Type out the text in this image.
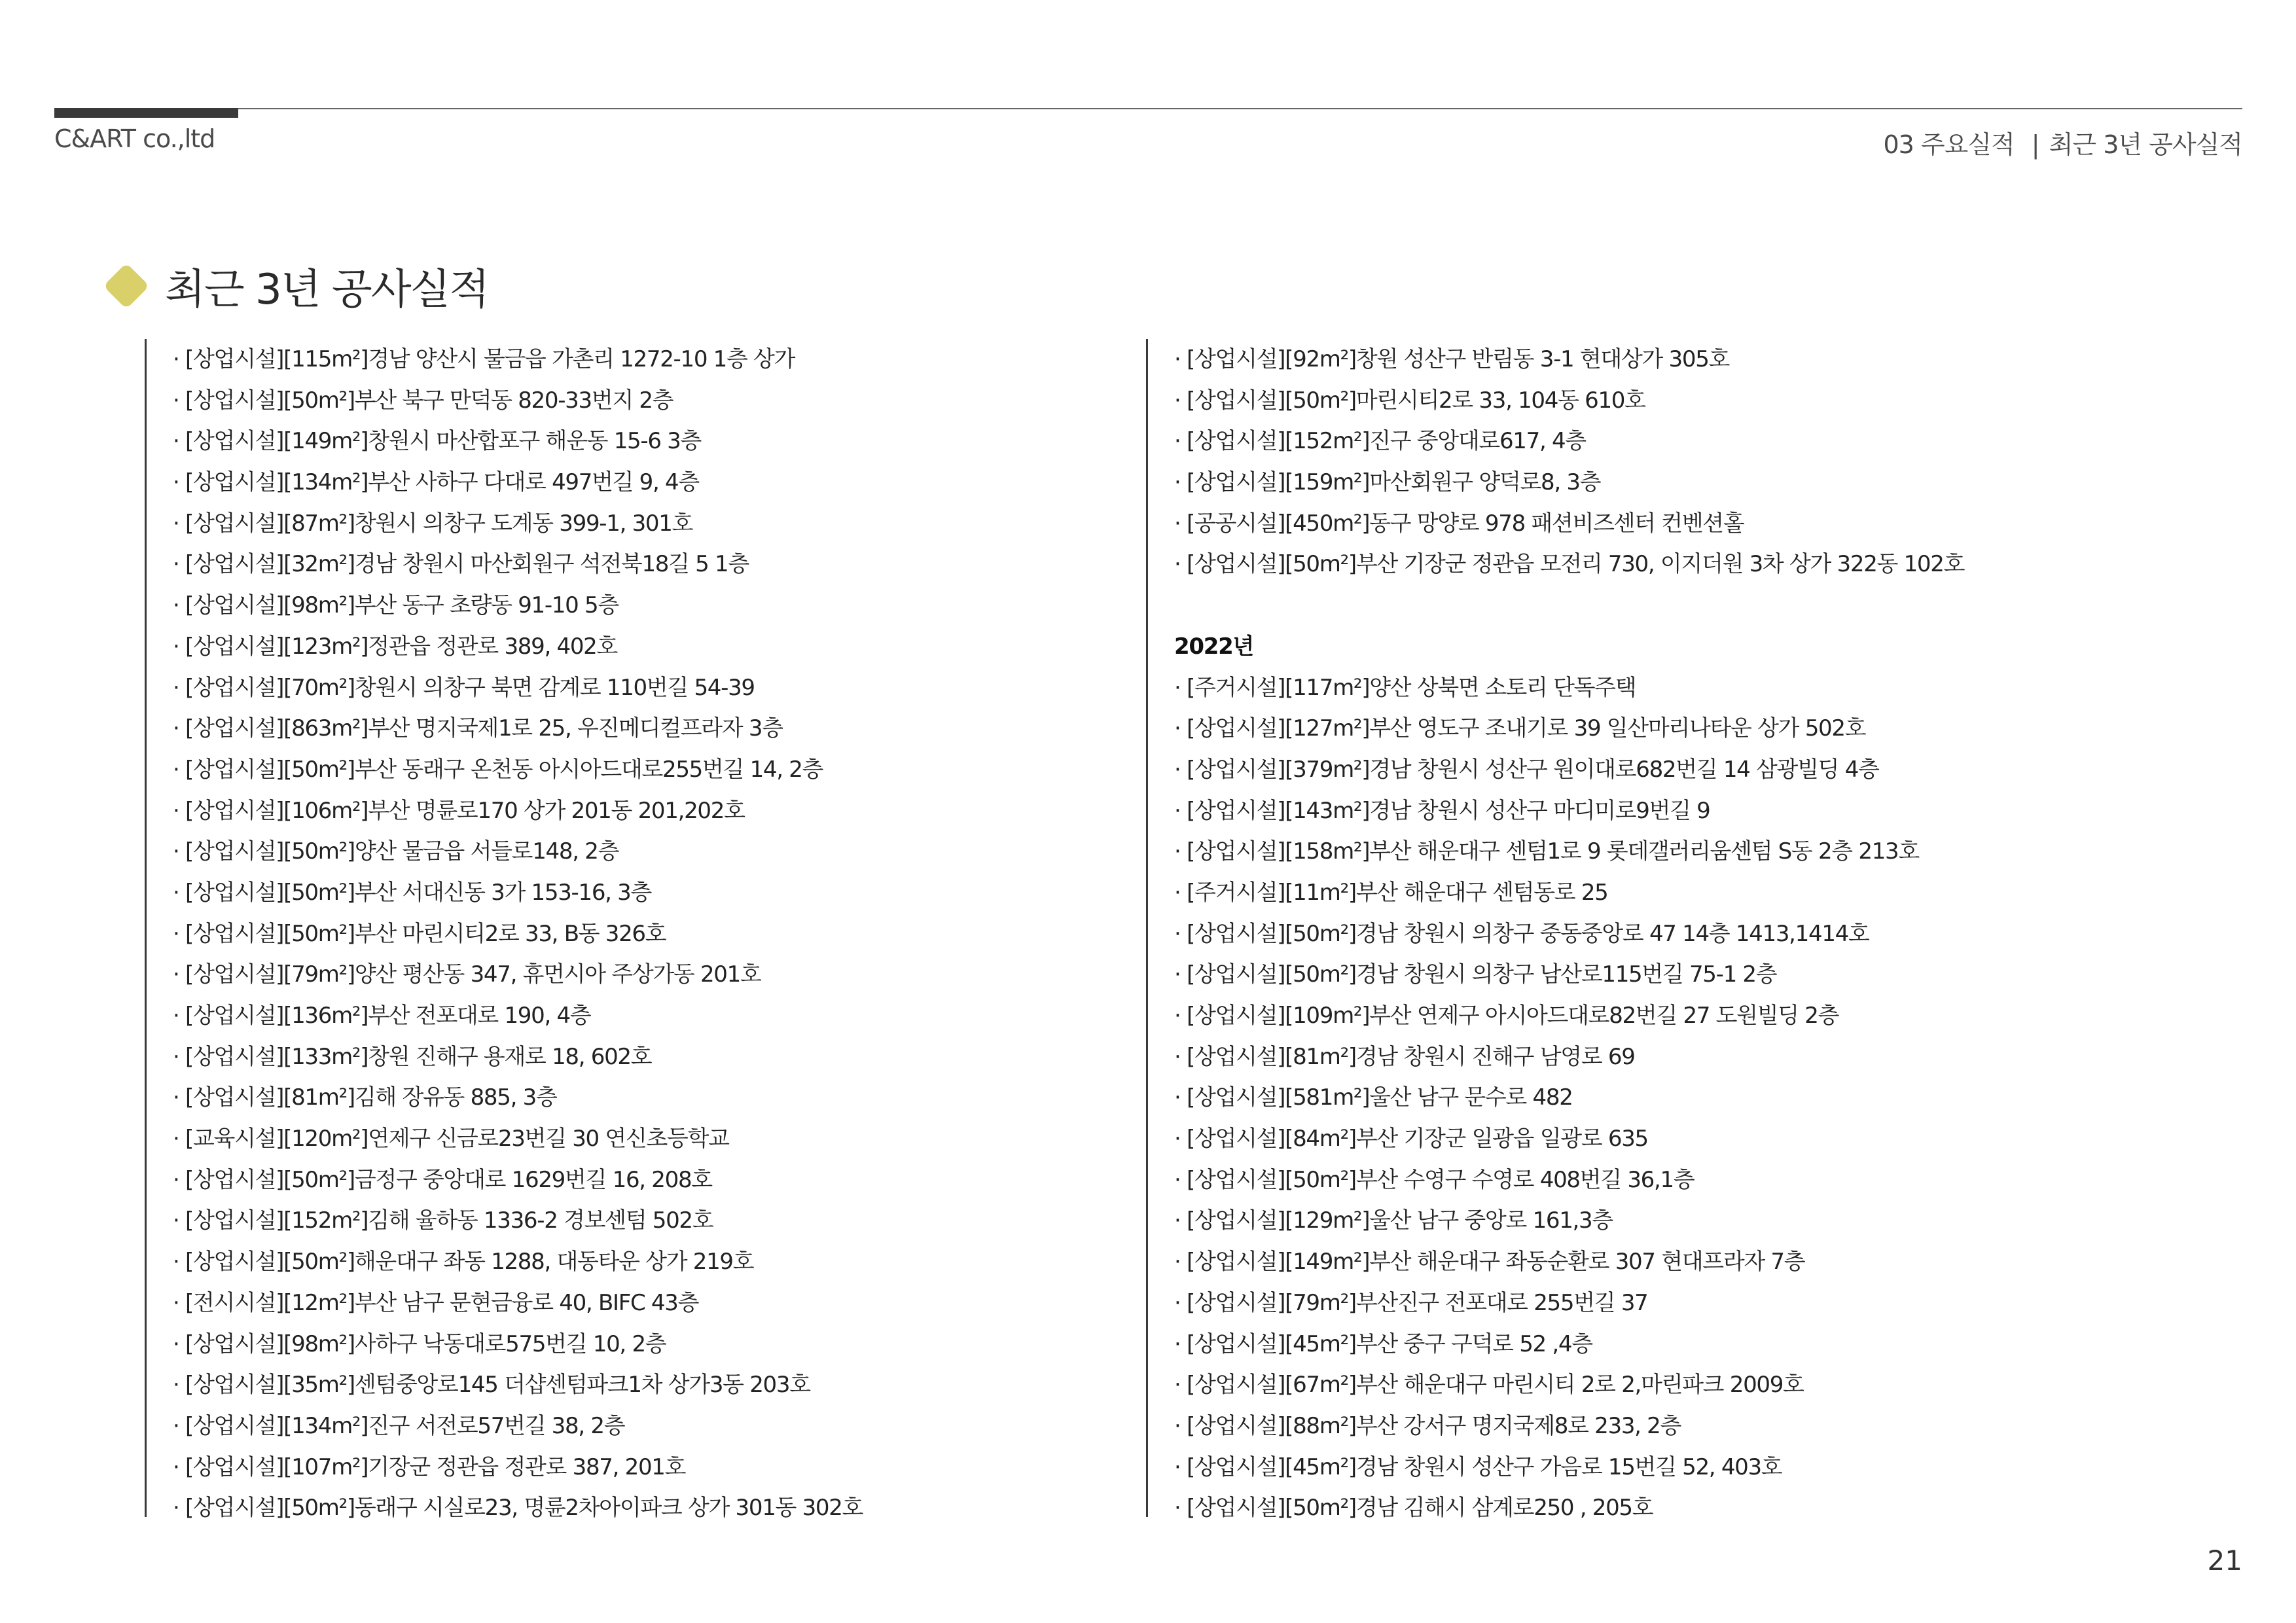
C&ART co.,ltd	03 주요실적 | 최근 3년 공사실적
최근 3년 공사실적
· [상업시설][115m²]경남 양산시 물금읍 가촌리 1272-10 1층 상가
· [상업시설][50m²]부산 북구 만덕동 820-33번지 2층
· [상업시설][149m²]창원시 마산합포구 해운동 15-6 3층
· [상업시설][134m²]부산 사하구 다대로 497번길 9, 4층
· [상업시설][87m²]창원시 의창구 도계동 399-1, 301호
· [상업시설][32m²]경남 창원시 마산회원구 석전북18길 5 1층
· [상업시설][98m²]부산 동구 초량동 91-10 5층
· [상업시설][123m²]정관읍 정관로 389, 402호
· [상업시설][70m²]창원시 의창구 북면 감계로 110번길 54-39
· [상업시설][863m²]부산 명지국제1로 25, 우진메디컬프라자 3층
· [상업시설][50m²]부산 동래구 온천동 아시아드대로255번길 14, 2층
· [상업시설][106m²]부산 명륜로170 상가 201동 201,202호
· [상업시설][50m²]양산 물금읍 서들로148, 2층
· [상업시설][50m²]부산 서대신동 3가 153-16, 3층
· [상업시설][50m²]부산 마린시티2로 33, B동 326호
· [상업시설][79m²]양산 평산동 347, 휴먼시아 주상가동 201호
· [상업시설][136m²]부산 전포대로 190, 4층
· [상업시설][133m²]창원 진해구 용재로 18, 602호
· [상업시설][81m²]김해 장유동 885, 3층
· [교육시설][120m²]연제구 신금로23번길 30 연신초등학교
· [상업시설][50m²]금정구 중앙대로 1629번길 16, 208호
· [상업시설][152m²]김해 율하동 1336-2 경보센텀 502호
· [상업시설][50m²]해운대구 좌동 1288, 대동타운 상가 219호
· [전시시설][12m²]부산 남구 문현금융로 40, BIFC 43층
· [상업시설][98m²]사하구 낙동대로575번길 10, 2층
· [상업시설][35m²]센텀중앙로145 더샵센텀파크1차 상가3동 203호
· [상업시설][134m²]진구 서전로57번길 38, 2층
· [상업시설][107m²]기장군 정관읍 정관로 387, 201호
· [상업시설][50m²]동래구 시실로23, 명륜2차아이파크 상가 301동 302호
· [상업시설][92m²]창원 성산구 반림동 3-1 현대상가 305호
· [상업시설][50m²]마린시티2로 33, 104동 610호
· [상업시설][152m²]진구 중앙대로617, 4층
· [상업시설][159m²]마산회원구 양덕로8, 3층
· [공공시설][450m²]동구 망양로 978 패션비즈센터 컨벤션홀
· [상업시설][50m²]부산 기장군 정관읍 모전리 730, 이지더원 3차 상가 322동 102호
2022년
· [주거시설][117m²]양산 상북면 소토리 단독주택
· [상업시설][127m²]부산 영도구 조내기로 39 일산마리나타운 상가 502호
· [상업시설][379m²]경남 창원시 성산구 원이대로682번길 14 삼광빌딩 4층
· [상업시설][143m²]경남 창원시 성산구 마디미로9번길 9
· [상업시설][158m²]부산 해운대구 센텀1로 9 롯데갤러리움센텀 S동 2층 213호
· [주거시설][11m²]부산 해운대구 센텀동로 25
· [상업시설][50m²]경남 창원시 의창구 중동중앙로 47 14층 1413,1414호
· [상업시설][50m²]경남 창원시 의창구 남산로115번길 75-1 2층
· [상업시설][109m²]부산 연제구 아시아드대로82번길 27 도원빌딩 2층
· [상업시설][81m²]경남 창원시 진해구 남영로 69
· [상업시설][581m²]울산 남구 문수로 482
· [상업시설][84m²]부산 기장군 일광읍 일광로 635
· [상업시설][50m²]부산 수영구 수영로 408번길 36,1층
· [상업시설][129m²]울산 남구 중앙로 161,3층
· [상업시설][149m²]부산 해운대구 좌동순환로 307 현대프라자 7층
· [상업시설][79m²]부산진구 전포대로 255번길 37
· [상업시설][45m²]부산 중구 구덕로 52 ,4층
· [상업시설][67m²]부산 해운대구 마린시티 2로 2,마린파크 2009호
· [상업시설][88m²]부산 강서구 명지국제8로 233, 2층
· [상업시설][45m²]경남 창원시 성산구 가음로 15번길 52, 403호
· [상업시설][50m²]경남 김해시 삼계로250 , 205호
21
